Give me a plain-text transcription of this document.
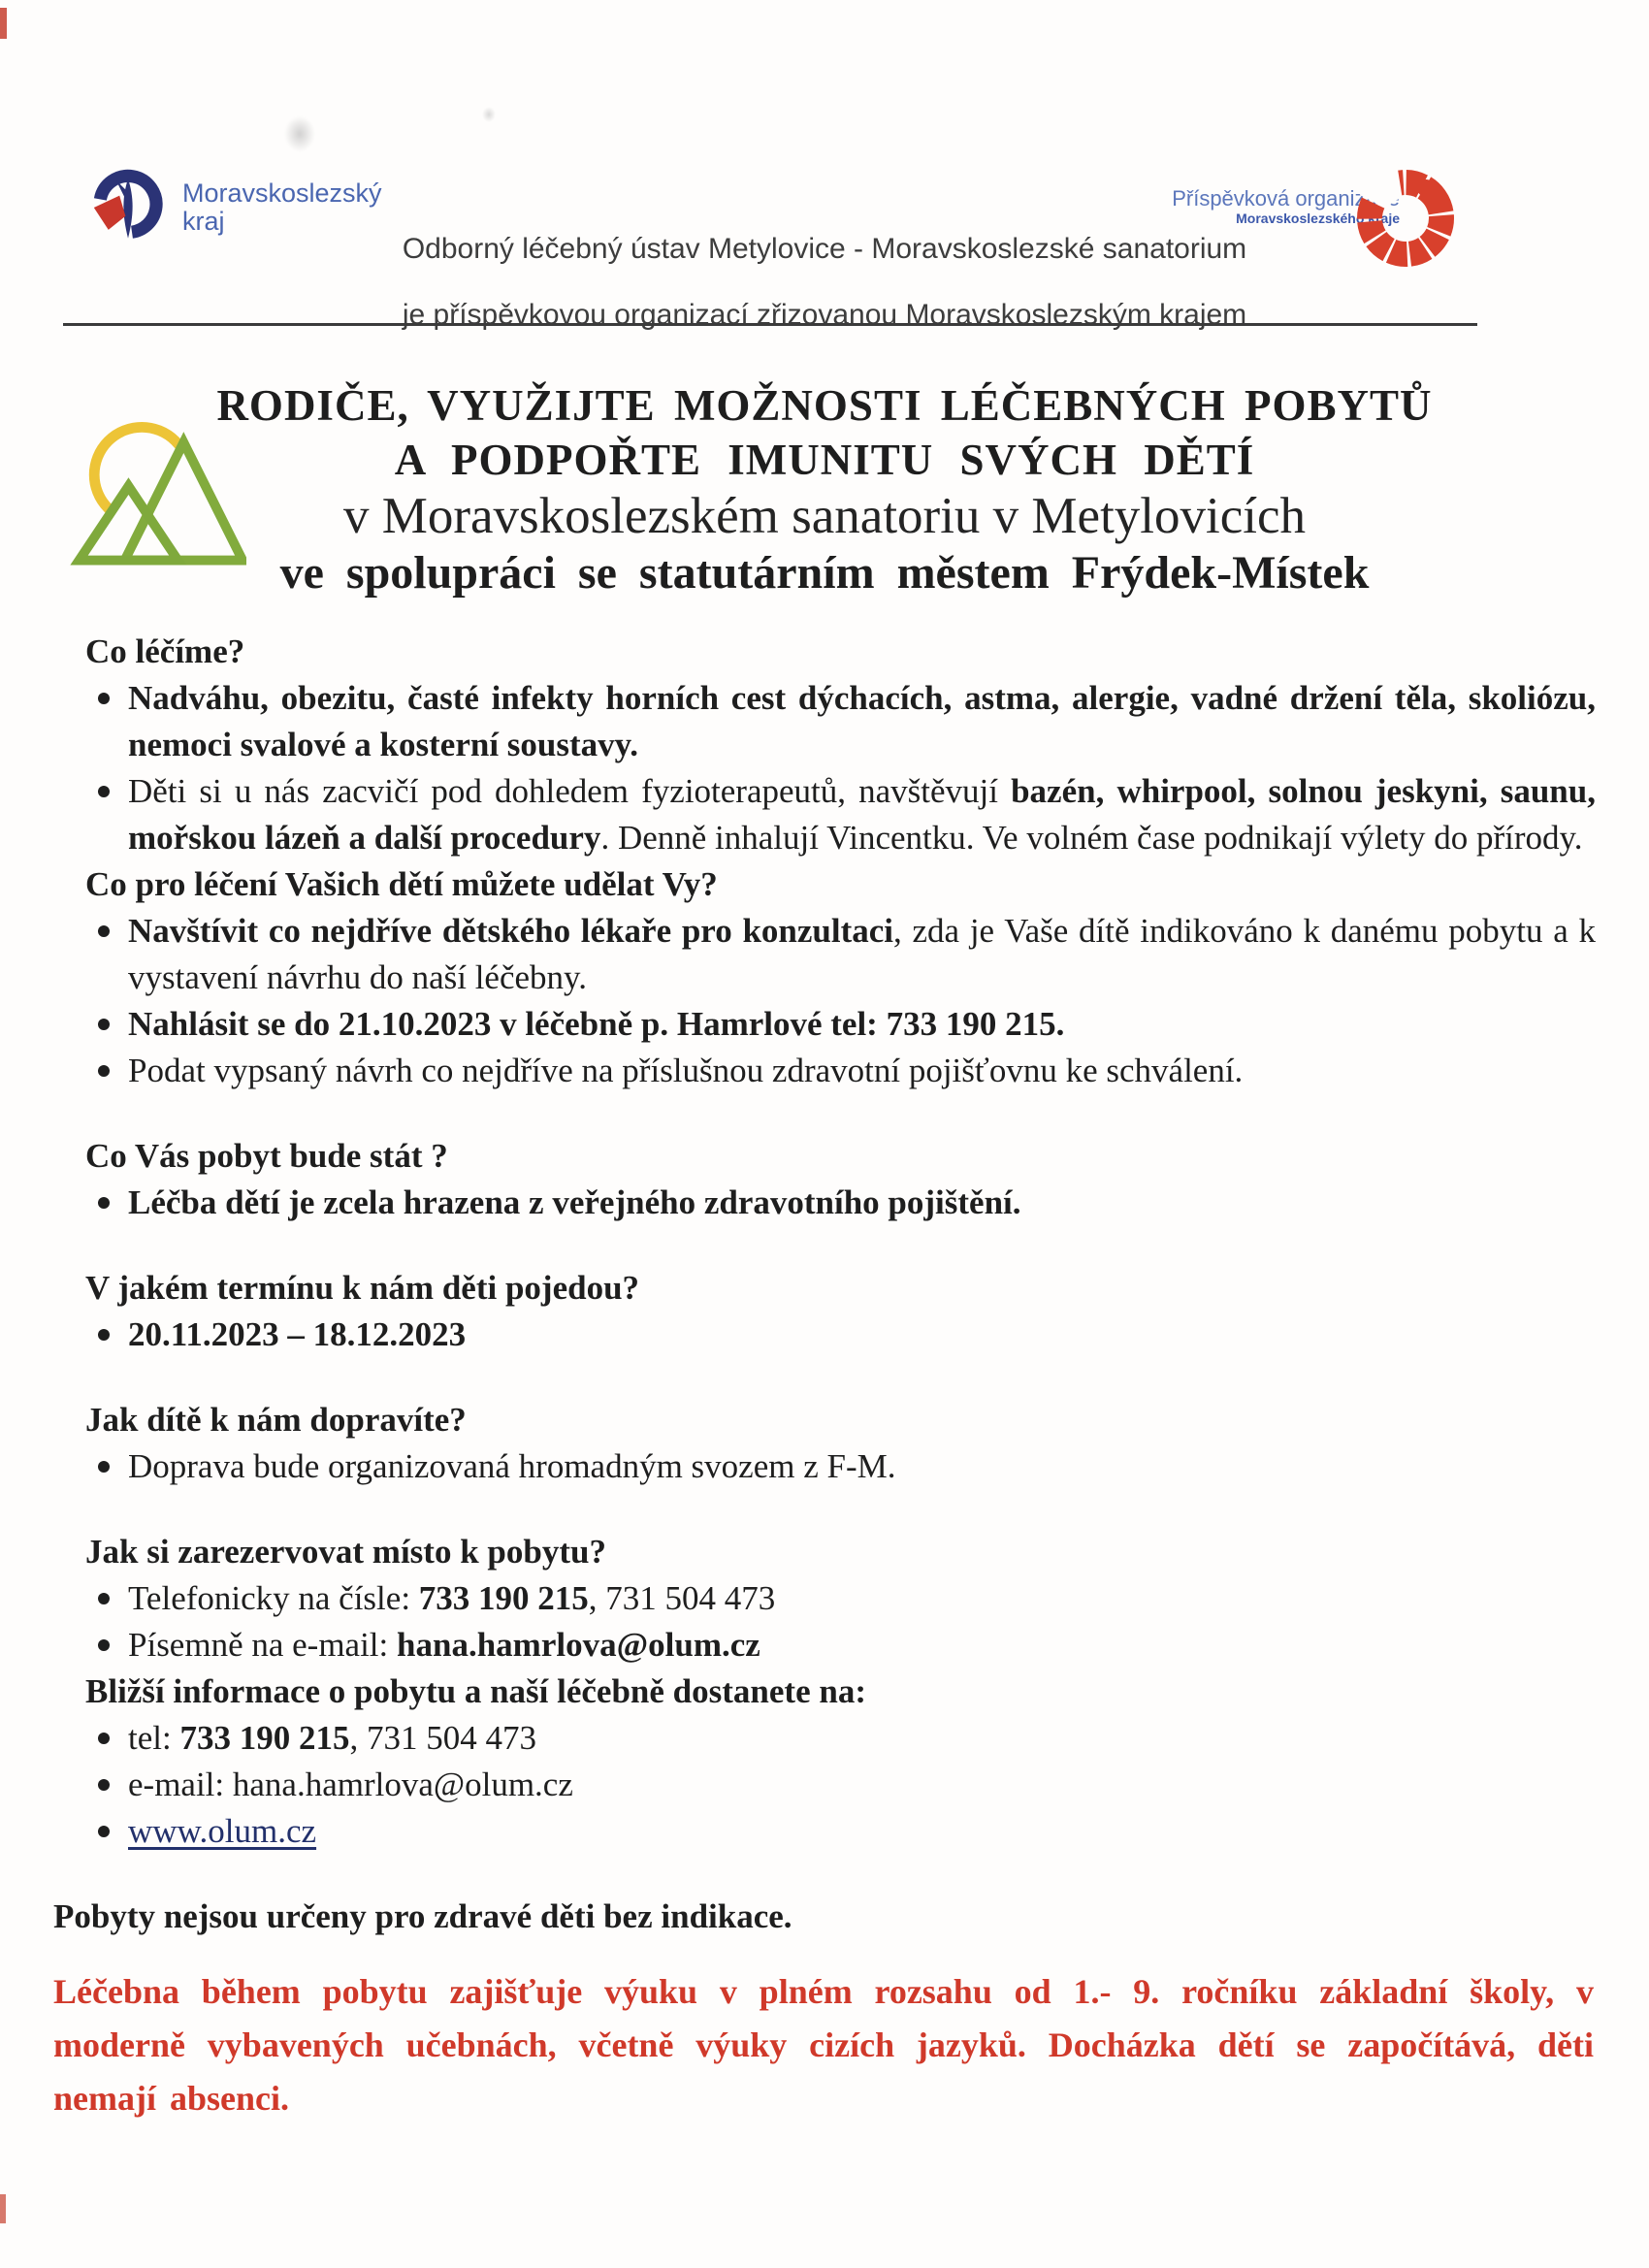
Moravskoslezský
kraj

Odborný léčebný ústav Metylovice - Moravskoslezské sanatorium

je příspěvkovou organizací zřizovanou Moravskoslezským krajem

Příspěvková organizace
Moravskoslezského kraje
RODIČE, VYUŽIJTE MOŽNOSTI LÉČEBNÝCH POBYTŮ
A PODPOŘTE IMUNITU SVÝCH DĚTÍ
v Moravskoslezském sanatoriu v Metylovicích
ve spolupráci se statutárním městem Frýdek-Místek

Co léčíme?

Nadváhu, obezitu, časté infekty horních cest dýchacích, astma, alergie, vadné držení těla, skoliózu, nemoci svalové a kosterní soustavy.
Děti si u nás zacvičí pod dohledem fyzioterapeutů, navštěvují bazén, whirpool, solnou jeskyni, saunu, mořskou lázeň a další procedury. Denně inhalují Vincentku. Ve volném čase podnikají výlety do přírody.

Co pro léčení Vašich dětí můžete udělat Vy?

Navštívit co nejdříve dětského lékaře pro konzultaci, zda je Vaše dítě indikováno k danému pobytu a k vystavení návrhu do naší léčebny.
Nahlásit se do 21.10.2023 v léčebně p. Hamrlové tel: 733 190 215.
Podat vypsaný návrh co nejdříve na příslušnou zdravotní pojišťovnu ke schválení.

Co Vás pobyt bude stát ?

Léčba dětí je zcela hrazena z veřejného zdravotního pojištění.

V jakém termínu k nám děti pojedou?

20.11.2023 – 18.12.2023

Jak dítě k nám dopravíte?

Doprava bude organizovaná hromadným svozem z F-M.

Jak si zarezervovat místo k pobytu?

Telefonicky na čísle: 733 190 215, 731 504 473
Písemně na e-mail: hana.hamrlova@olum.cz

Bližší informace o pobytu a naší léčebně dostanete na:

tel: 733 190 215, 731 504 473
e-mail: hana.hamrlova@olum.cz
www.olum.cz

Pobyty nejsou určeny pro zdravé děti bez indikace.

Léčebna během pobytu zajišťuje výuku v plném rozsahu od 1.- 9. ročníku základní školy, v moderně vybavených učebnách, včetně výuky cizích jazyků. Docházka dětí se započítává, děti nemají absenci.
